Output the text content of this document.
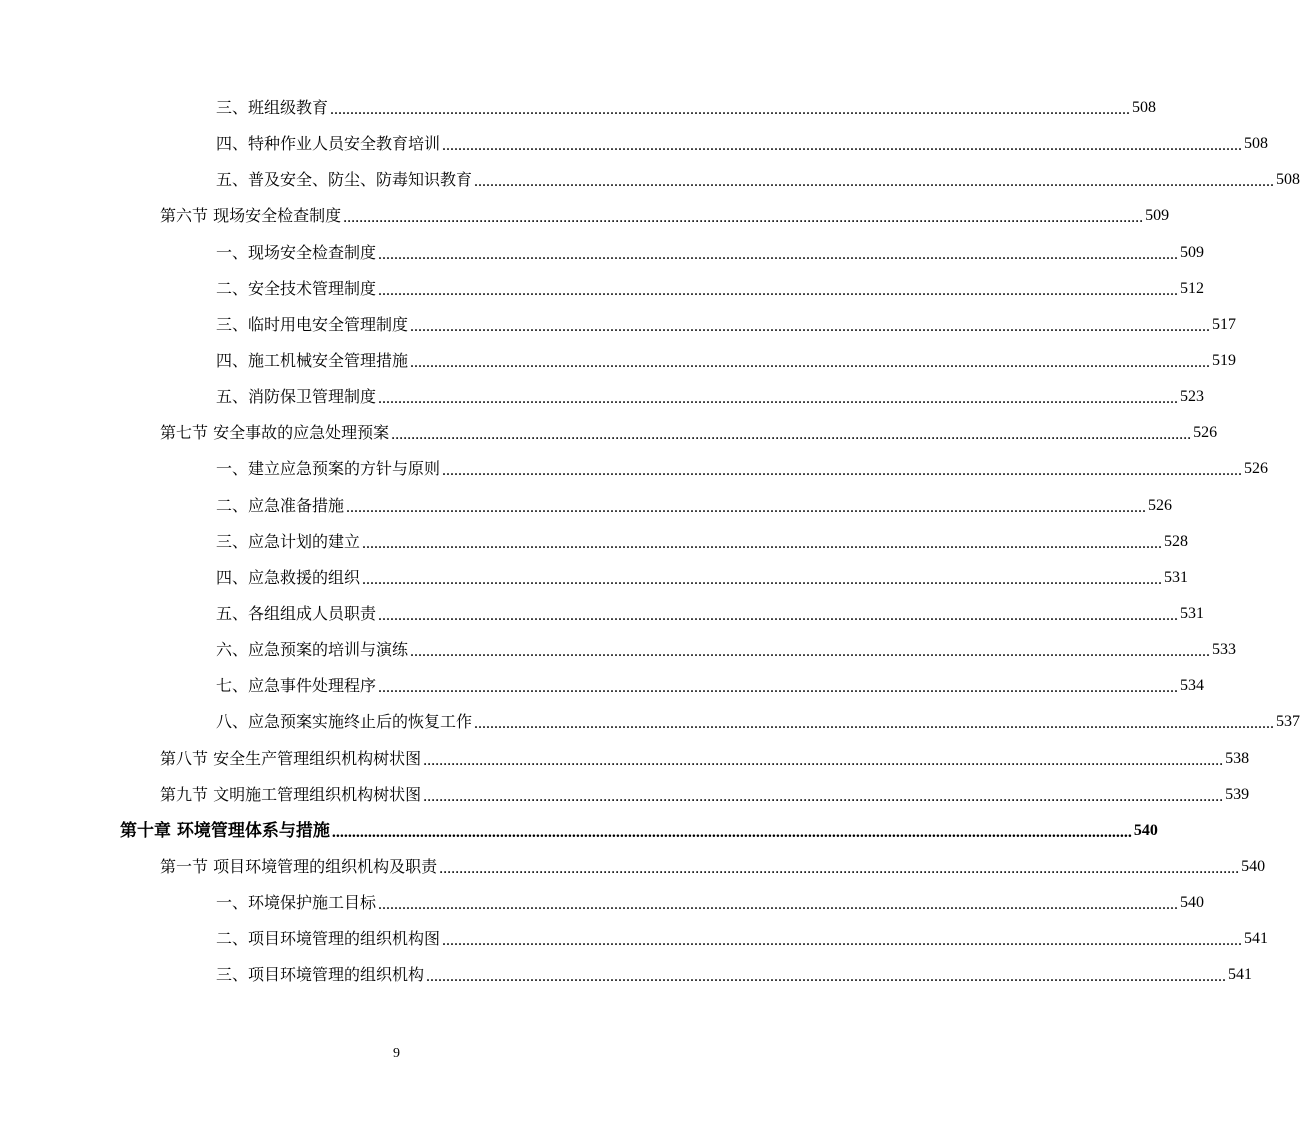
三、班组级教育 ........................................................................................................................................................................................................ 508
四、特种作业人员安全教育培训 ........................................................................................................................................................................................................ 508
五、普及安全、防尘、防毒知识教育 ........................................................................................................................................................................................................ 508
第六节 现场安全检查制度 ........................................................................................................................................................................................................ 509
一、现场安全检查制度 ........................................................................................................................................................................................................ 509
二、安全技术管理制度 ........................................................................................................................................................................................................ 512
三、临时用电安全管理制度 ........................................................................................................................................................................................................ 517
四、施工机械安全管理措施 ........................................................................................................................................................................................................ 519
五、消防保卫管理制度 ........................................................................................................................................................................................................ 523
第七节 安全事故的应急处理预案 ........................................................................................................................................................................................................ 526
一、建立应急预案的方针与原则 ........................................................................................................................................................................................................ 526
二、应急准备措施 ........................................................................................................................................................................................................ 526
三、应急计划的建立 ........................................................................................................................................................................................................ 528
四、应急救援的组织 ........................................................................................................................................................................................................ 531
五、各组组成人员职责 ........................................................................................................................................................................................................ 531
六、应急预案的培训与演练 ........................................................................................................................................................................................................ 533
七、应急事件处理程序 ........................................................................................................................................................................................................ 534
八、应急预案实施终止后的恢复工作 ........................................................................................................................................................................................................ 537
第八节 安全生产管理组织机构树状图 ........................................................................................................................................................................................................ 538
第九节 文明施工管理组织机构树状图 ........................................................................................................................................................................................................ 539
第十章 环境管理体系与措施 ........................................................................................................................................................................................................ 540
第一节 项目环境管理的组织机构及职责 ........................................................................................................................................................................................................ 540
一、环境保护施工目标 ........................................................................................................................................................................................................ 540
二、项目环境管理的组织机构图 ........................................................................................................................................................................................................ 541
三、项目环境管理的组织机构 ........................................................................................................................................................................................................ 541
9
